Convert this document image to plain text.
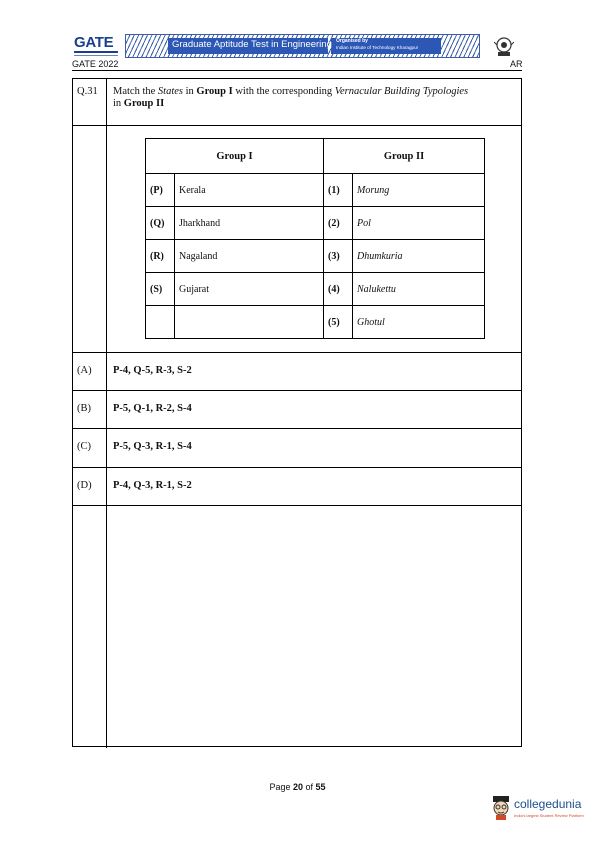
GATE	Graduate Aptitude Test in Engineering Organised by
Indian Institute of Technology Kharagpur
GATE 2022	AR
Q.31 Match the States in Group I with the corresponding Vernacular Building Typologies
in Group II
Group I		Group II	
(P)	Kerala	(1)	Morung
(Q)	Jharkhand	(2)	Pol
(R)	Nagaland	(3)	Dhumkuria
(S)	Gujarat	(4)	Nalukettu
		(5)	Ghotul
(A) P-4, Q-5, R-3, S-2
(B) P-5, Q-1, R-2, S-4
(C) P-5, Q-3, R-1, S-4
(D) P-4, Q-3, R-1, S-2
Page 20 of 55
collegedunia
India's largest Student Review Platform
